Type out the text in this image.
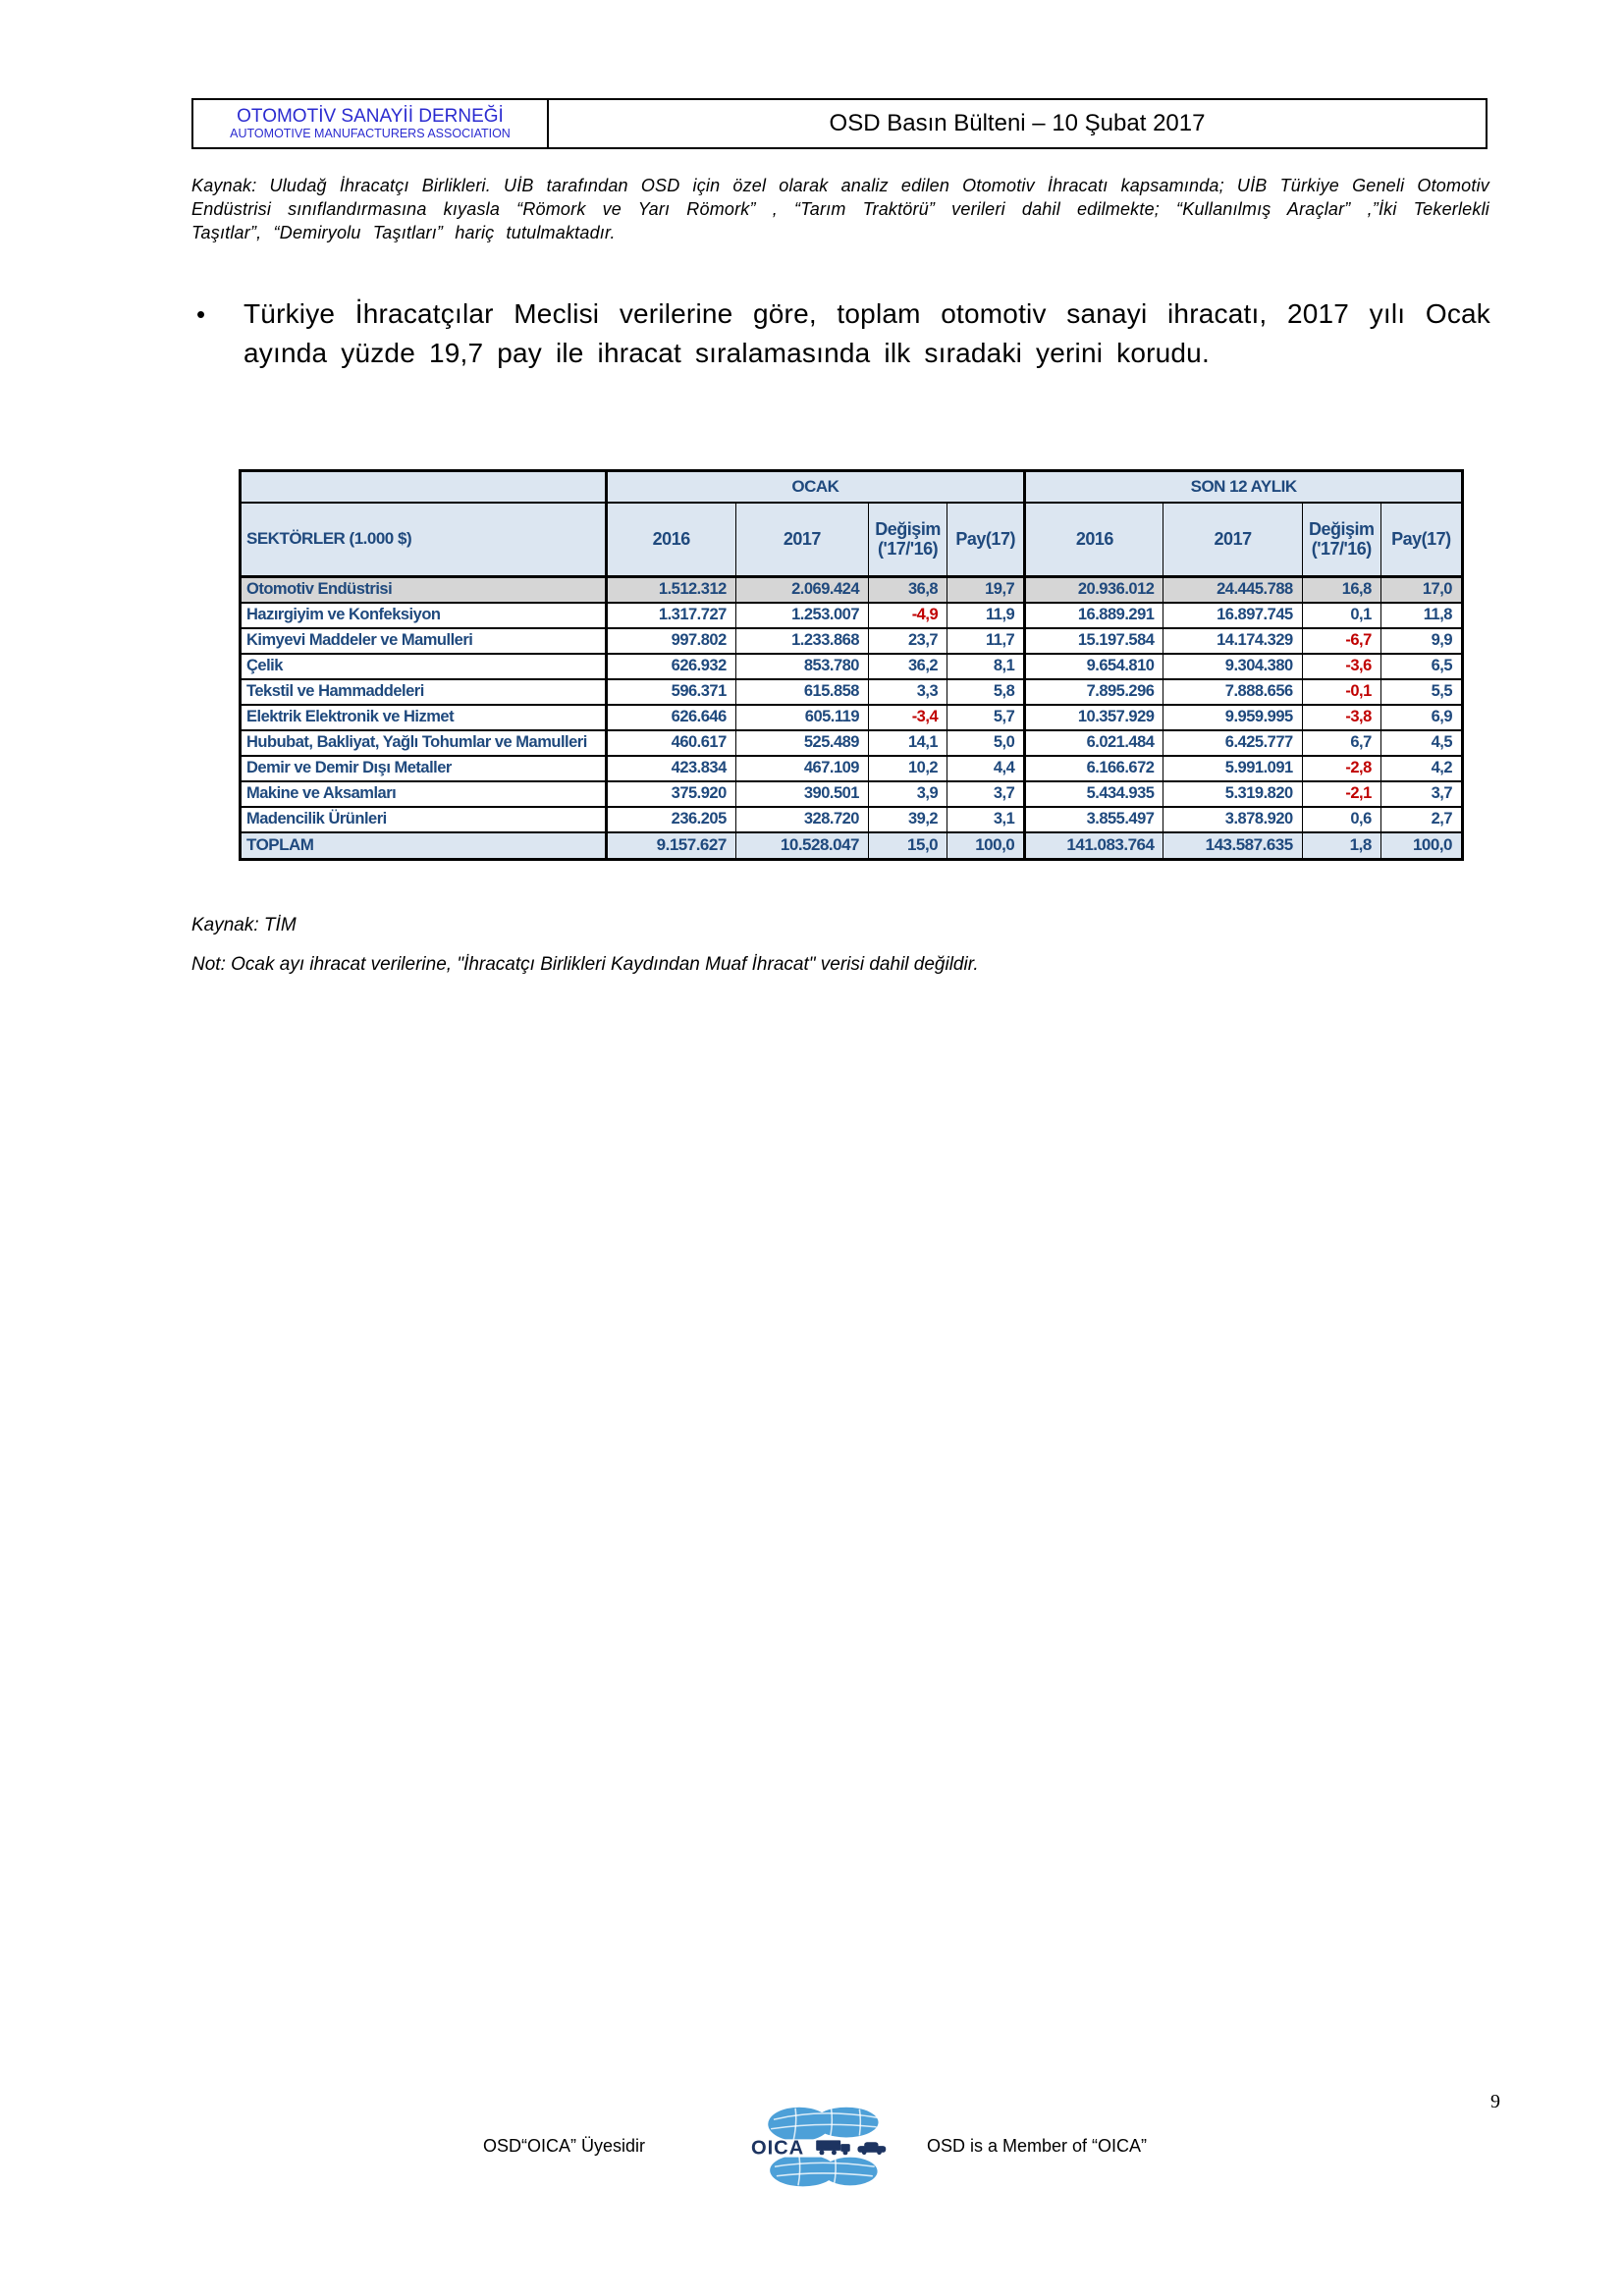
OTOMOTİV SANAYİİ DERNEĞİ
AUTOMOTIVE MANUFACTURERS ASSOCIATION	OSD Basın Bülteni – 10 Şubat 2017
Kaynak: Uludağ İhracatçı Birlikleri. UİB tarafından OSD için özel olarak analiz edilen Otomotiv İhracatı kapsamında; UİB Türkiye Geneli Otomotiv Endüstrisi sınıflandırmasına kıyasla “Römork ve Yarı Römork” , “Tarım Traktörü” verileri dahil edilmekte; “Kullanılmış Araçlar” ,”İki Tekerlekli Taşıtlar”, “Demiryolu Taşıtları” hariç tutulmaktadır.
•	Türkiye İhracatçılar Meclisi verilerine göre, toplam otomotiv sanayi ihracatı, 2017 yılı Ocak ayında yüzde 19,7 pay ile ihracat sıralamasında ilk sıradaki yerini korudu.
	OCAK				SON 12 AYLIK			
SEKTÖRLER (1.000 $)	2016	2017	Değişim ('17/'16)	Pay(17)	2016	2017	Değişim ('17/'16)	Pay(17)
Otomotiv Endüstrisi	1.512.312	2.069.424	36,8	19,7	20.936.012	24.445.788	16,8	17,0
Hazırgiyim ve Konfeksiyon	1.317.727	1.253.007	-4,9	11,9	16.889.291	16.897.745	0,1	11,8
Kimyevi Maddeler ve Mamulleri	997.802	1.233.868	23,7	11,7	15.197.584	14.174.329	-6,7	9,9
Çelik	626.932	853.780	36,2	8,1	9.654.810	9.304.380	-3,6	6,5
Tekstil ve Hammaddeleri	596.371	615.858	3,3	5,8	7.895.296	7.888.656	-0,1	5,5
Elektrik Elektronik ve Hizmet	626.646	605.119	-3,4	5,7	10.357.929	9.959.995	-3,8	6,9
Hububat, Bakliyat, Yağlı Tohumlar ve Mamulleri	460.617	525.489	14,1	5,0	6.021.484	6.425.777	6,7	4,5
Demir ve Demir Dışı Metaller	423.834	467.109	10,2	4,4	6.166.672	5.991.091	-2,8	4,2
Makine ve Aksamları	375.920	390.501	3,9	3,7	5.434.935	5.319.820	-2,1	3,7
Madencilik Ürünleri	236.205	328.720	39,2	3,1	3.855.497	3.878.920	0,6	2,7
TOPLAM	9.157.627	10.528.047	15,0	100,0	141.083.764	143.587.635	1,8	100,0
Kaynak: TİM
Not: Ocak ayı ihracat verilerine, "İhracatçı Birlikleri Kaydından Muaf İhracat" verisi dahil değildir.
OSD“OICA” Üyesidir	OICA	OSD is a Member of “OICA”
9
